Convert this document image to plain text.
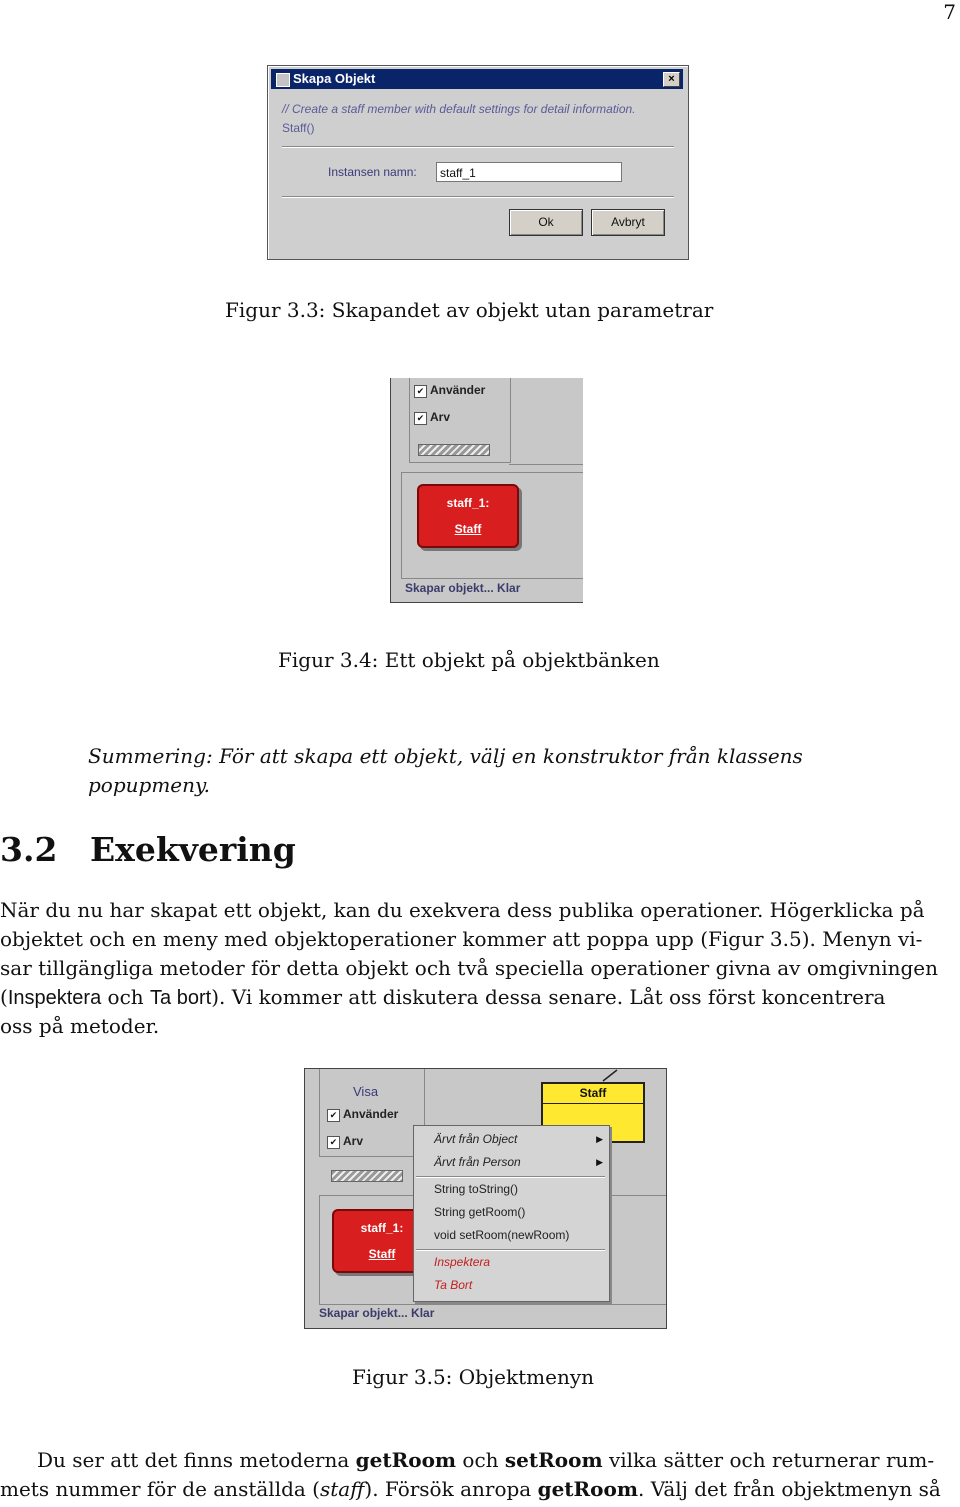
7
Skapa Objekt	×
// Create a staff member with default settings for detail information.
Staff()
Instansen namn:	staff_1
Ok	Avbryt
Figur 3.3: Skapandet av objekt utan parametrar
✔ Använder
✔ Arv
staff_1:
Staff
Skapar objekt... Klar
Figur 3.4: Ett objekt på objektbänken
Summering: För att skapa ett objekt, välj en konstruktor från klassens
popupmeny.
3.2 Exekvering
När du nu har skapat ett objekt, kan du exekvera dess publika operationer. Högerklicka på
objektet och en meny med objektoperationer kommer att poppa upp (Figur 3.5). Menyn vi-
sar tillgängliga metoder för detta objekt och två speciella operationer givna av omgivningen
(Inspektera och Ta bort). Vi kommer att diskutera dessa senare. Låt oss först koncentrera
oss på metoder.
Visa
✔ Använder
✔ Arv
Staff
staff_1:
Staff
Skapar objekt... Klar
Ärvt från Object	▶
Ärvt från Person	▶
String toString()
String getRoom()
void setRoom(newRoom)
Inspektera
Ta Bort
Figur 3.5: Objektmenyn
Du ser att det finns metoderna getRoom och setRoom vilka sätter och returnerar rum-
mets nummer för de anställda (staff). Försök anropa getRoom. Välj det från objektmenyn så
